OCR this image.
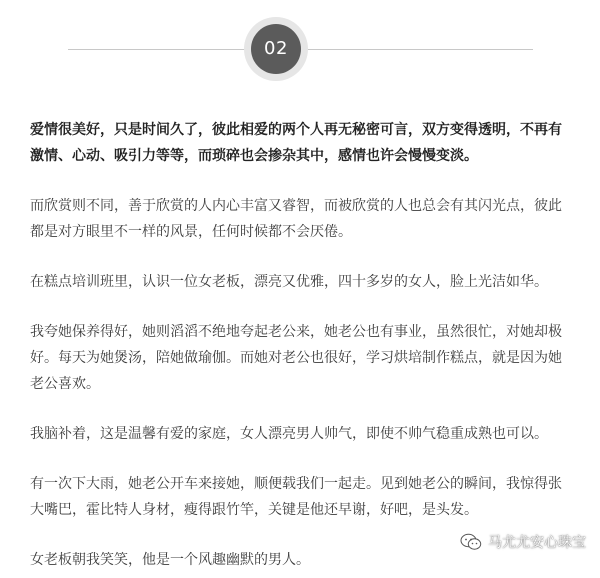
02

爱情很美好，只是时间久了，彼此相爱的两个人再无秘密可言，双方变得透明，不再有激情、心动、吸引力等等，而琐碎也会掺杂其中，感情也许会慢慢变淡。

而欣赏则不同，善于欣赏的人内心丰富又睿智，而被欣赏的人也总会有其闪光点，彼此都是对方眼里不一样的风景，任何时候都不会厌倦。

在糕点培训班里，认识一位女老板，漂亮又优雅，四十多岁的女人，脸上光洁如华。

我夸她保养得好，她则滔滔不绝地夸起老公来，她老公也有事业，虽然很忙，对她却极好。每天为她煲汤，陪她做瑜伽。而她对老公也很好，学习烘培制作糕点，就是因为她老公喜欢。

我脑补着，这是温馨有爱的家庭，女人漂亮男人帅气，即使不帅气稳重成熟也可以。

有一次下大雨，她老公开车来接她，顺便载我们一起走。见到她老公的瞬间，我惊得张大嘴巴，霍比特人身材，瘦得跟竹竿，关键是他还早谢，好吧，是头发。

女老板朝我笑笑，他是一个风趣幽默的男人。

马尤尤安心珠宝
